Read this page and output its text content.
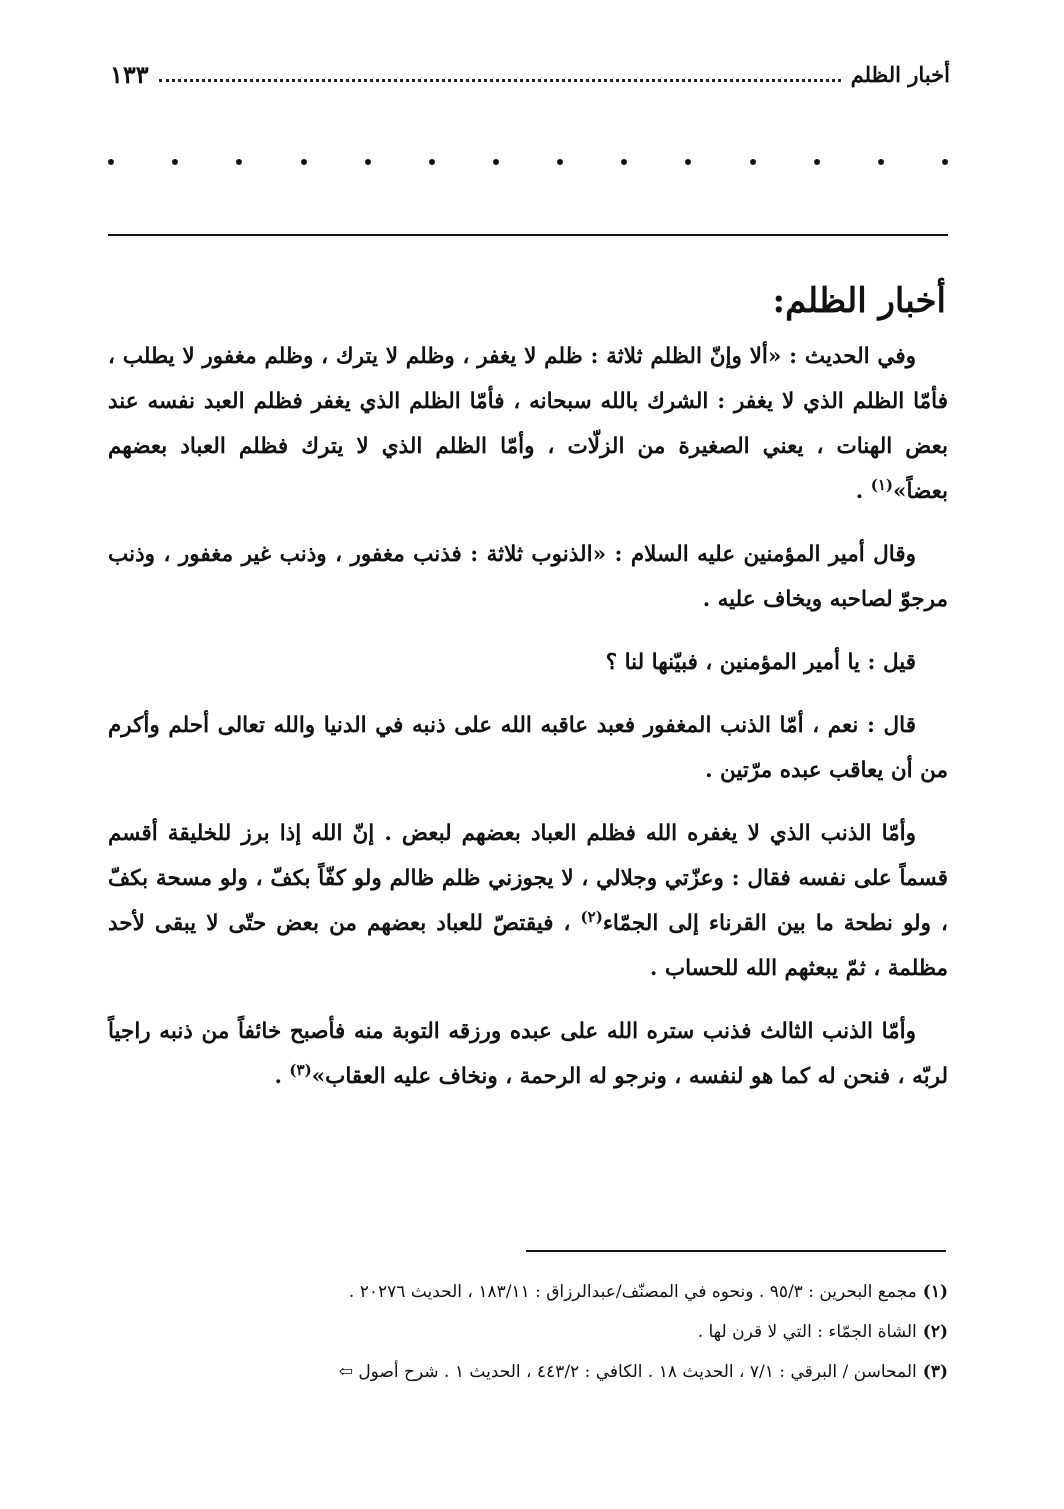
أخبار الظلم
١٣٣
أخبار الظلم:

وفي الحديث : «ألا وإنّ الظلم ثلاثة : ظلم لا يغفر ، وظلم لا يترك ، وظلم مغفور لا يطلب ، فأمّا الظلم الذي لا يغفر : الشرك بالله سبحانه ، فأمّا الظلم الذي يغفر فظلم العبد نفسه عند بعض الهنات ، يعني الصغيرة من الزلّات ، وأمّا الظلم الذي لا يترك فظلم العباد بعضهم بعضاً»$^{(١)}$ .

وقال أمير المؤمنين عليه السلام : «الذنوب ثلاثة : فذنب مغفور ، وذنب غير مغفور ، وذنب مرجوّ لصاحبه ويخاف عليه .

قيل : يا أمير المؤمنين ، فبيّنها لنا ؟

قال : نعم ، أمّا الذنب المغفور فعبد عاقبه الله على ذنبه في الدنيا والله تعالى أحلم وأكرم من أن يعاقب عبده مرّتين .

وأمّا الذنب الذي لا يغفره الله فظلم العباد بعضهم لبعض . إنّ الله إذا برز للخليقة أقسم قسماً على نفسه فقال : وعزّتي وجلالي ، لا يجوزني ظلم ظالم ولو كفّاً بكفّ ، ولو مسحة بكفّ ، ولو نطحة ما بين القرناء إلى الجمّاء$^{(٢)}$ ، فيقتصّ للعباد بعضهم من بعض حتّى لا يبقى لأحد مظلمة ، ثمّ يبعثهم الله للحساب .

وأمّا الذنب الثالث فذنب ستره الله على عبده ورزقه التوبة منه فأصبح خائفاً من ذنبه راجياً لربّه ، فنحن له كما هو لنفسه ، ونرجو له الرحمة ، ونخاف عليه العقاب»$^{(٣)}$ .

(١)مجمع البحرين : ٩٥/٣ . ونحوه في المصنّف/عبدالرزاق : ١٨٣/١١ ، الحديث ٢٠٢٧٦ .
(٢)الشاة الجمّاء : التي لا قرن لها .
(٣)المحاسن / البرقي : ٧/١ ، الحديث ١٨ . الكافي : ٤٤٣/٢ ، الحديث ١ . شرح أصول ⇦
